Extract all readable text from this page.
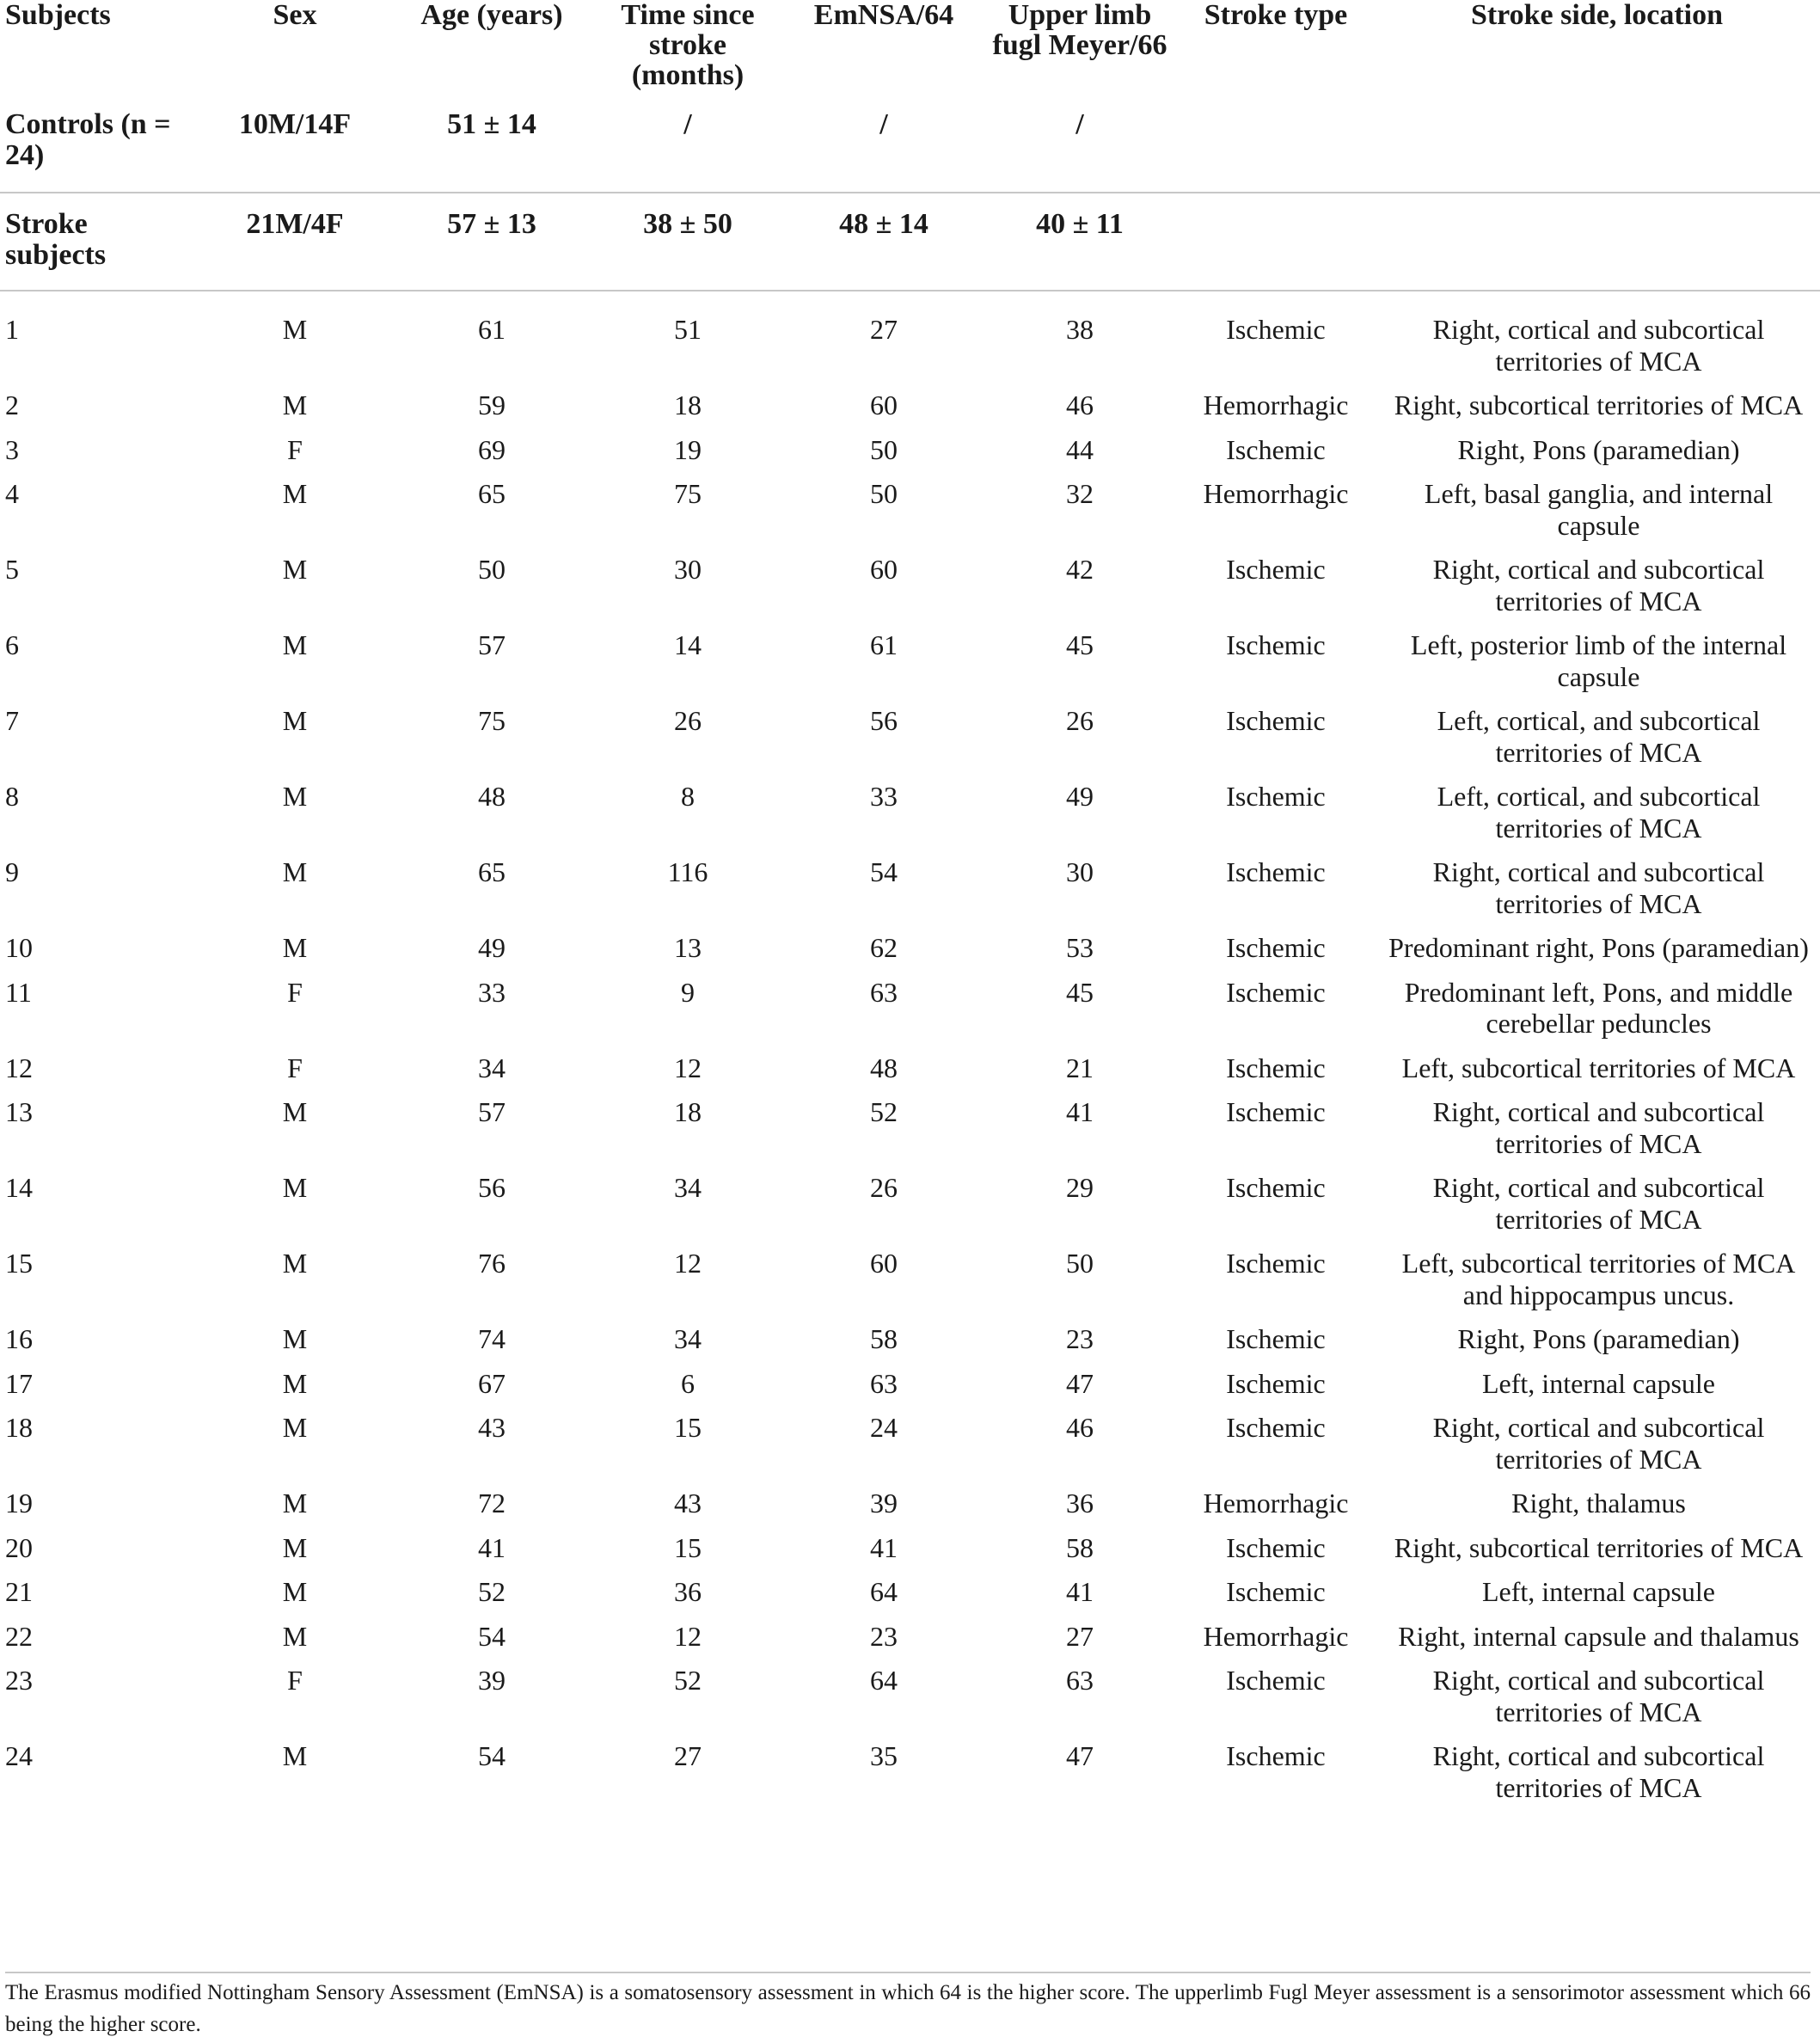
Subjects	Sex	Age (years)	Time since stroke (months)	EmNSA/64	Upper limb fugl Meyer/66	Stroke type	Stroke side, location
Controls (n = 24)	10M/14F	51 ± 14	/	/	/		
Stroke subjects	21M/4F	57 ± 13	38 ± 50	48 ± 14	40 ± 11		
1	M	61	51	27	38	Ischemic	Right, cortical and subcortical territories of MCA
2	M	59	18	60	46	Hemorrhagic	Right, subcortical territories of MCA
3	F	69	19	50	44	Ischemic	Right, Pons (paramedian)
4	M	65	75	50	32	Hemorrhagic	Left, basal ganglia, and internal capsule
5	M	50	30	60	42	Ischemic	Right, cortical and subcortical territories of MCA
6	M	57	14	61	45	Ischemic	Left, posterior limb of the internal capsule
7	M	75	26	56	26	Ischemic	Left, cortical, and subcortical territories of MCA
8	M	48	8	33	49	Ischemic	Left, cortical, and subcortical territories of MCA
9	M	65	116	54	30	Ischemic	Right, cortical and subcortical territories of MCA
10	M	49	13	62	53	Ischemic	Predominant right, Pons (paramedian)
11	F	33	9	63	45	Ischemic	Predominant left, Pons, and middle cerebellar peduncles
12	F	34	12	48	21	Ischemic	Left, subcortical territories of MCA
13	M	57	18	52	41	Ischemic	Right, cortical and subcortical territories of MCA
14	M	56	34	26	29	Ischemic	Right, cortical and subcortical territories of MCA
15	M	76	12	60	50	Ischemic	Left, subcortical territories of MCA and hippocampus uncus.
16	M	74	34	58	23	Ischemic	Right, Pons (paramedian)
17	M	67	6	63	47	Ischemic	Left, internal capsule
18	M	43	15	24	46	Ischemic	Right, cortical and subcortical territories of MCA
19	M	72	43	39	36	Hemorrhagic	Right, thalamus
20	M	41	15	41	58	Ischemic	Right, subcortical territories of MCA
21	M	52	36	64	41	Ischemic	Left, internal capsule
22	M	54	12	23	27	Hemorrhagic	Right, internal capsule and thalamus
23	F	39	52	64	63	Ischemic	Right, cortical and subcortical territories of MCA
24	M	54	27	35	47	Ischemic	Right, cortical and subcortical territories of MCA
The Erasmus modified Nottingham Sensory Assessment (EmNSA) is a somatosensory assessment in which 64 is the higher score. The upperlimb Fugl Meyer assessment is a sensorimotor assessment which 66 being the higher score.
